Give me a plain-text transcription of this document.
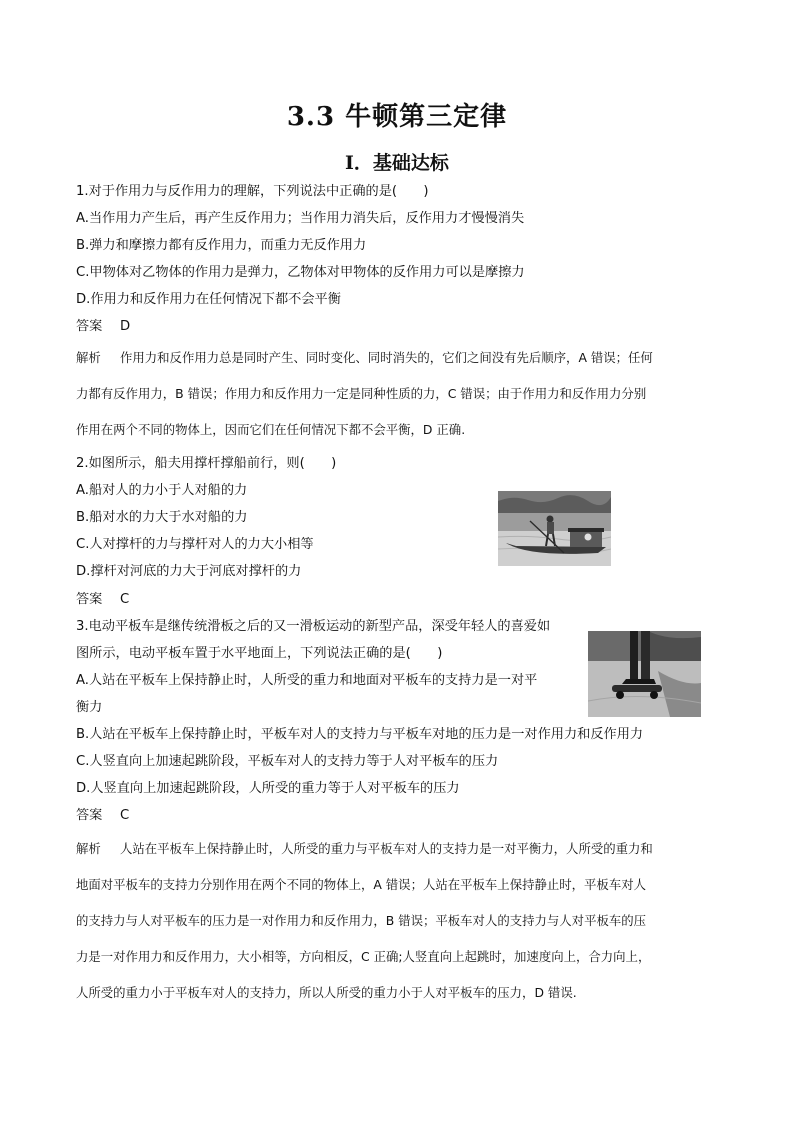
3.3 牛顿第三定律
Ⅰ．基础达标
1.对于作用力与反作用力的理解，下列说法中正确的是(　　)
A.当作用力产生后，再产生反作用力；当作用力消失后，反作用力才慢慢消失
B.弹力和摩擦力都有反作用力，而重力无反作用力
C.甲物体对乙物体的作用力是弹力，乙物体对甲物体的反作用力可以是摩擦力
D.作用力和反作用力在任何情况下都不会平衡
答案 D
解析 作用力和反作用力总是同时产生、同时变化、同时消失的，它们之间没有先后顺序，A 错误；任何
力都有反作用力，B 错误；作用力和反作用力一定是同种性质的力，C 错误；由于作用力和反作用力分别
作用在两个不同的物体上，因而它们在任何情况下都不会平衡，D 正确.
2.如图所示，船夫用撑杆撑船前行，则(　　)
A.船对人的力小于人对船的力
B.船对水的力大于水对船的力
C.人对撑杆的力与撑杆对人的力大小相等
D.撑杆对河底的力大于河底对撑杆的力
答案 C
3.电动平板车是继传统滑板之后的又一滑板运动的新型产品，深受年轻人的喜爱如
图所示，电动平板车置于水平地面上，下列说法正确的是(　　)
A.人站在平板车上保持静止时，人所受的重力和地面对平板车的支持力是一对平
衡力
B.人站在平板车上保持静止时，平板车对人的支持力与平板车对地的压力是一对作用力和反作用力
C.人竖直向上加速起跳阶段，平板车对人的支持力等于人对平板车的压力
D.人竖直向上加速起跳阶段，人所受的重力等于人对平板车的压力
答案 C
解析 人站在平板车上保持静止时，人所受的重力与平板车对人的支持力是一对平衡力，人所受的重力和
地面对平板车的支持力分别作用在两个不同的物体上，A 错误；人站在平板车上保持静止时，平板车对人
的支持力与人对平板车的压力是一对作用力和反作用力，B 错误；平板车对人的支持力与人对平板车的压
力是一对作用力和反作用力，大小相等，方向相反，C 正确;人竖直向上起跳时，加速度向上，合力向上，
人所受的重力小于平板车对人的支持力，所以人所受的重力小于人对平板车的压力，D 错误.
